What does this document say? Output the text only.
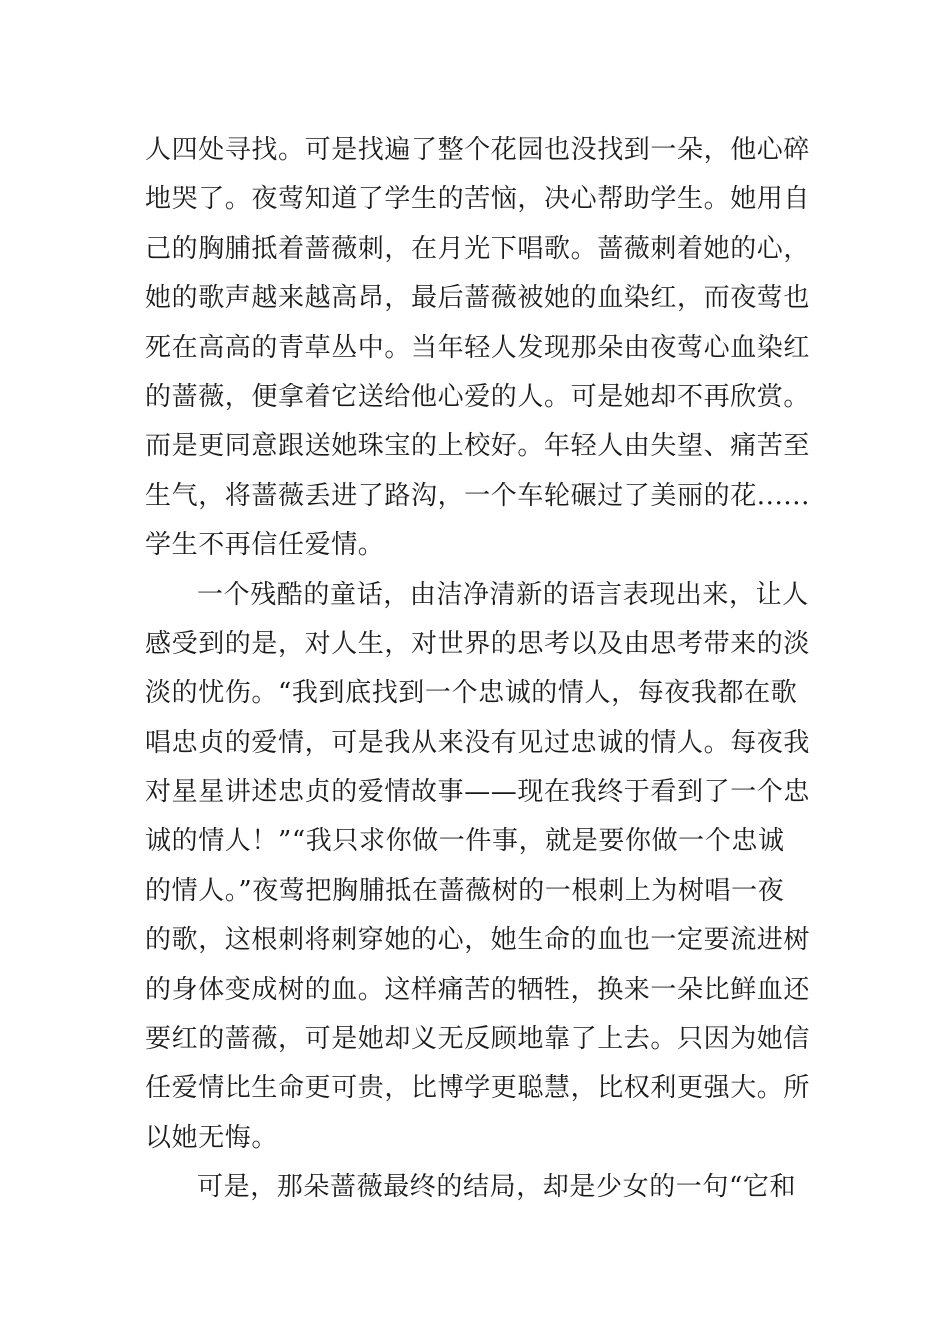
人四处寻找。可是找遍了整个花园也没找到一朵，他心碎
地哭了。夜莺知道了学生的苦恼，决心帮助学生。她用自
己的胸脯抵着蔷薇刺，在月光下唱歌。蔷薇刺着她的心，
她的歌声越来越高昂，最后蔷薇被她的血染红，而夜莺也
死在高高的青草丛中。当年轻人发现那朵由夜莺心血染红
的蔷薇，便拿着它送给他心爱的人。可是她却不再欣赏。
而是更同意跟送她珠宝的上校好。年轻人由失望、痛苦至
生气，将蔷薇丢进了路沟，一个车轮碾过了美丽的花......
学生不再信任爱情。
一个残酷的童话，由洁净清新的语言表现出来，让人
感受到的是，对人生，对世界的思考以及由思考带来的淡
淡的忧伤。“我到底找到一个忠诚的情人，每夜我都在歌
唱忠贞的爱情，可是我从来没有见过忠诚的情人。每夜我
对星星讲述忠贞的爱情故事——现在我终于看到了一个忠
诚的情人！”“我只求你做一件事，就是要你做一个忠诚
的情人。”夜莺把胸脯抵在蔷薇树的一根刺上为树唱一夜
的歌，这根刺将刺穿她的心，她生命的血也一定要流进树
的身体变成树的血。这样痛苦的牺牲，换来一朵比鲜血还
要红的蔷薇，可是她却义无反顾地靠了上去。只因为她信
任爱情比生命更可贵，比博学更聪慧，比权利更强大。所
以她无悔。
可是，那朵蔷薇最终的结局，却是少女的一句“它和
